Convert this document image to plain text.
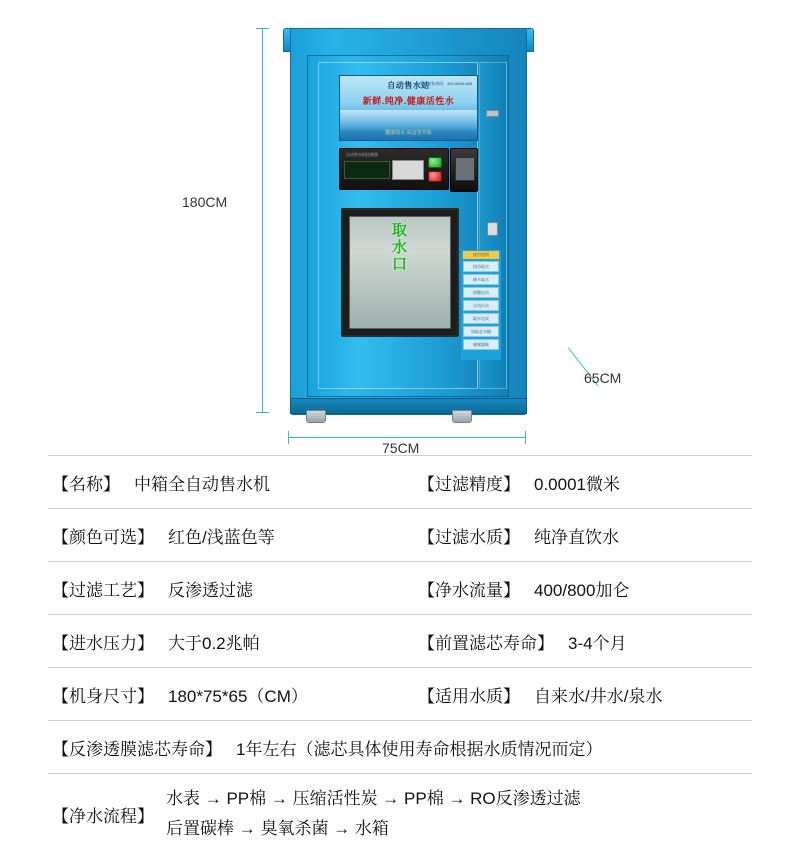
全国服务热线：400-8888-888
自动售水站
新鲜.纯净.健康活性水
健康饮水 从这里开始
自动售水机控制器
取
水
口
使用说明
投币取水
刷卡取水
按键启动
自动出水
取水完成
请取走水桶
谢谢惠顾
180CM
75CM
65CM
【名称】 中箱全自动售水机	【过滤精度】 0.0001微米
【颜色可选】 红色/浅蓝色等	【过滤水质】 纯净直饮水
【过滤工艺】 反渗透过滤	【净水流量】 400/800加仑
【进水压力】 大于0.2兆帕	【前置滤芯寿命】 3-4个月
【机身尺寸】 180*75*65（CM）	【适用水质】 自来水/井水/泉水
【反渗透膜滤芯寿命】 1年左右（滤芯具体使用寿命根据水质情况而定）
【净水流程】
水表 → PP棉 → 压缩活性炭 → PP棉 → RO反渗透过滤
后置碳棒 → 臭氧杀菌 → 水箱
